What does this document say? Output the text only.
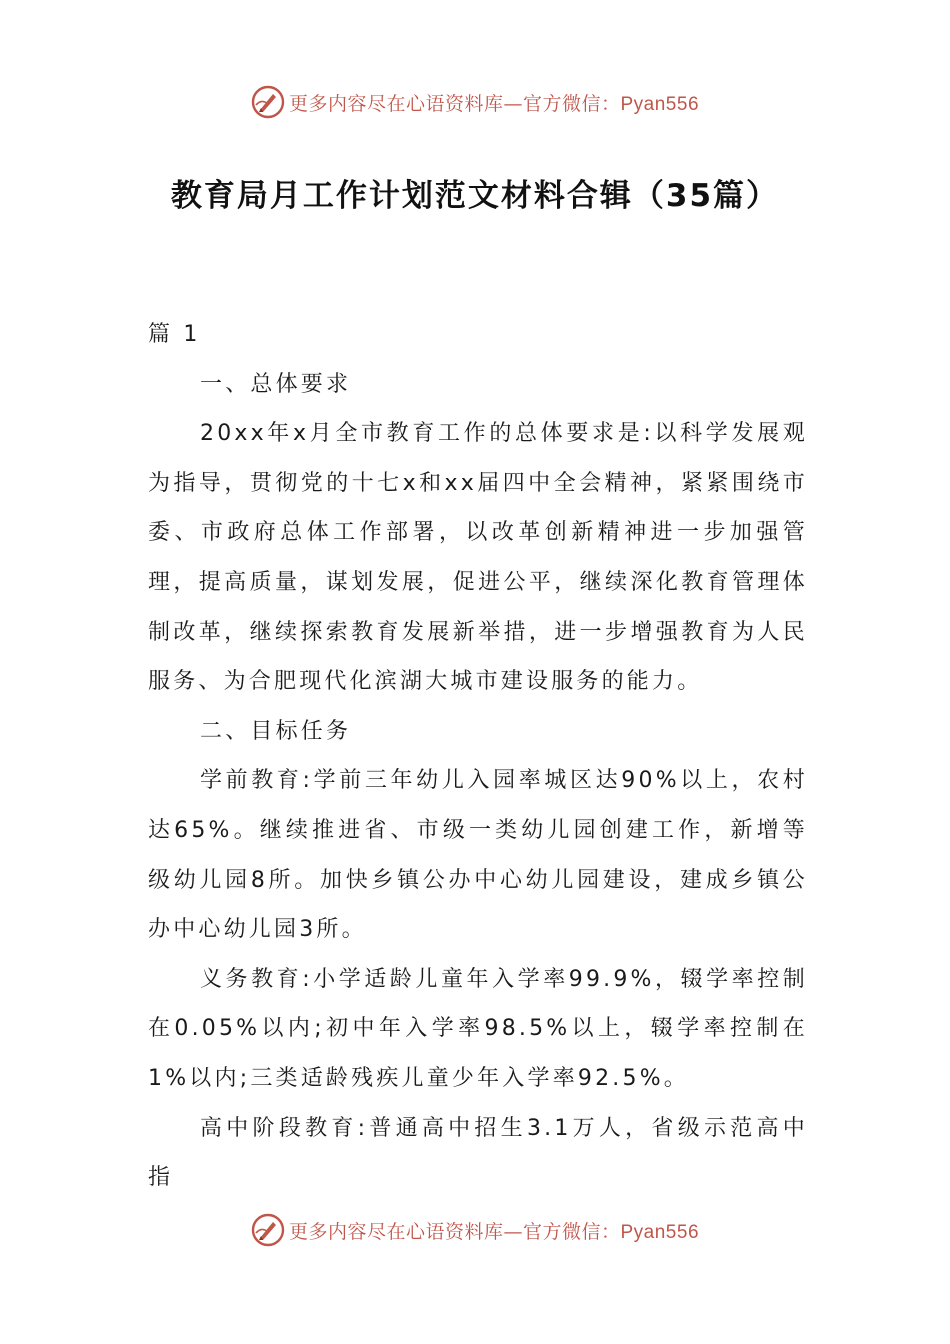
更多内容尽在心语资料库—官方微信：Pyan556
教育局月工作计划范文材料合辑（35篇）

篇 1

一、总体要求

20xx年x月全市教育工作的总体要求是:以科学发展观为指导，贯彻党的十七x和xx届四中全会精神，紧紧围绕市委、市政府总体工作部署，以改革创新精神进一步加强管理，提高质量，谋划发展，促进公平，继续深化教育管理体制改革，继续探索教育发展新举措，进一步增强教育为人民服务、为合肥现代化滨湖大城市建设服务的能力。

二、目标任务

学前教育:学前三年幼儿入园率城区达90%以上，农村达65%。继续推进省、市级一类幼儿园创建工作，新增等级幼儿园8所。加快乡镇公办中心幼儿园建设，建成乡镇公办中心幼儿园3所。

义务教育:小学适龄儿童年入学率99.9%，辍学率控制在0.05%以内;初中年入学率98.5%以上，辍学率控制在1%以内;三类适龄残疾儿童少年入学率92.5%。

高中阶段教育:普通高中招生3.1万人，省级示范高中指

更多内容尽在心语资料库—官方微信：Pyan556
